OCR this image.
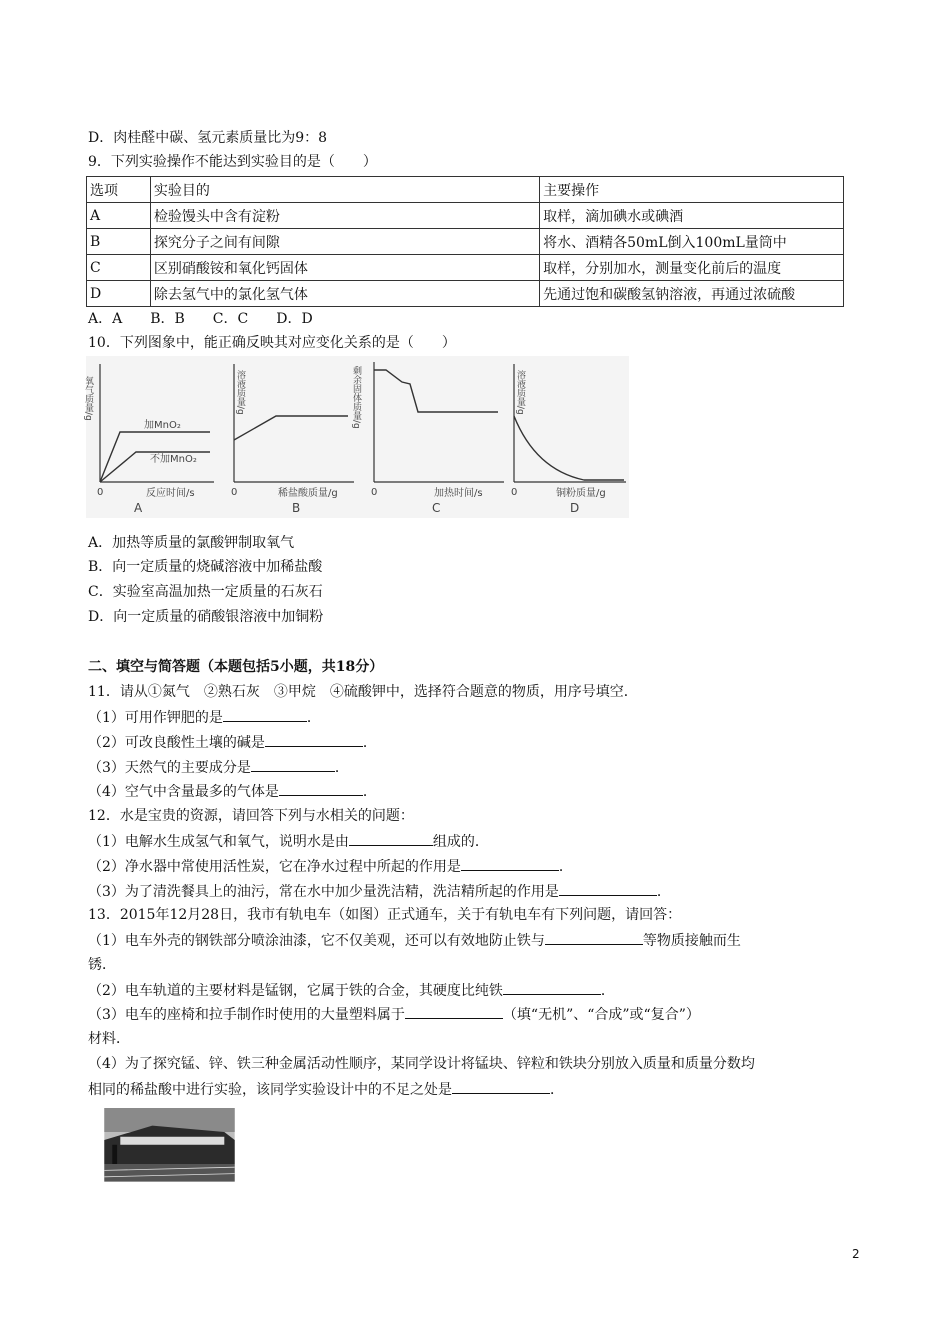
D．肉桂醛中碳、氢元素质量比为9：8
9．下列实验操作不能达到实验目的是（　　）
选项	实验目的	主要操作
A	检验馒头中含有淀粉	取样，滴加碘水或碘酒
B	探究分子之间有间隙	将水、酒精各50mL倒入100mL量筒中
C	区别硝酸铵和氧化钙固体	取样，分别加水，测量变化前后的温度
D	除去氢气中的氯化氢气体	先通过饱和碳酸氢钠溶液，再通过浓硫酸
A．A　　B．B　　C．C　　D．D
10．下列图象中，能正确反映其对应变化关系的是（　　）
氧气质量/g
加MnO₂
不加MnO₂
0	反应时间/s
A
溶液质量/g
0	稀盐酸质量/g
B
剩余固体质量/g
0	加热时间/s
C
溶液质量/g
0	铜粉质量/g
D
A．加热等质量的氯酸钾制取氧气
B．向一定质量的烧碱溶液中加稀盐酸
C．实验室高温加热一定质量的石灰石
D．向一定质量的硝酸银溶液中加铜粉
二、填空与简答题（本题包括5小题，共18分）
11．请从①氮气　②熟石灰　③甲烷　④硫酸钾中，选择符合题意的物质，用序号填空．
（1）可用作钾肥的是	．
（2）可改良酸性土壤的碱是	．
（3）天然气的主要成分是	．
（4）空气中含量最多的气体是	．
12．水是宝贵的资源，请回答下列与水相关的问题：
（1）电解水生成氢气和氧气，说明水是由	组成的．
（2）净水器中常使用活性炭，它在净水过程中所起的作用是	．
（3）为了清洗餐具上的油污，常在水中加少量洗洁精，洗洁精所起的作用是	．
13．2015年12月28日，我市有轨电车（如图）正式通车，关于有轨电车有下列问题，请回答：
（1）电车外壳的钢铁部分喷涂油漆，它不仅美观，还可以有效地防止铁与	等物质接触而生
锈．
（2）电车轨道的主要材料是锰钢，它属于铁的合金，其硬度比纯铁	．
（3）电车的座椅和拉手制作时使用的大量塑料属于	（填“无机”、“合成”或“复合”）
材料．
（4）为了探究锰、锌、铁三种金属活动性顺序，某同学设计将锰块、锌粒和铁块分别放入质量和质量分数均
相同的稀盐酸中进行实验，该同学实验设计中的不足之处是	．
2
